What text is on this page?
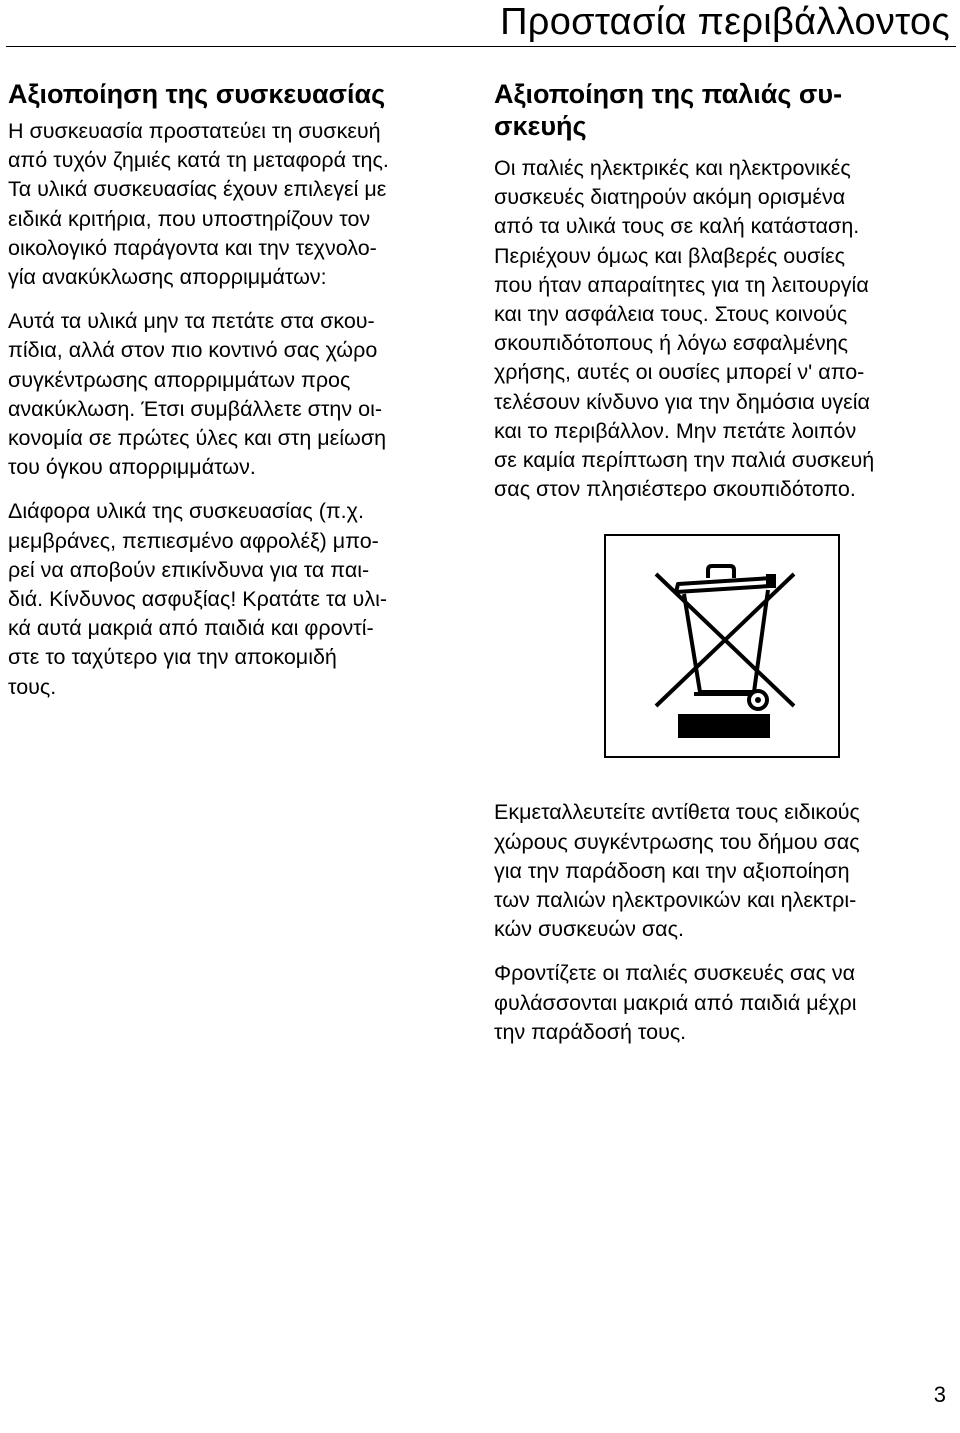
Προστασία περιβάλλοντος
Αξιοποίηση της συσκευασίας

Η συσκευασία προστατεύει τη συσκευή
από τυχόν ζημιές κατά τη μεταφορά της.
Τα υλικά συσκευασίας έχουν επιλεγεί με
ειδικά κριτήρια, που υποστηρίζουν τον
οικολογικό παράγοντα και την τεχνολο-
γία ανακύκλωσης απορριμμάτων:

Αυτά τα υλικά μην τα πετάτε στα σκου-
πίδια, αλλά στον πιο κοντινό σας χώρο
συγκέντρωσης απορριμμάτων προς
ανακύκλωση. Έτσι συμβάλλετε στην οι-
κονομία σε πρώτες ύλες και στη μείωση
του όγκου απορριμμάτων.

Διάφορα υλικά της συσκευασίας (π.χ.
μεμβράνες, πεπιεσμένο αφρολέξ) μπο-
ρεί να αποβούν επικίνδυνα για τα παι-
διά. Κίνδυνος ασφυξίας! Κρατάτε τα υλι-
κά αυτά μακριά από παιδιά και φροντί-
στε το ταχύτερο για την αποκομιδή
τους.

Αξιοποίηση της παλιάς συ-
σκευής

Οι παλιές ηλεκτρικές και ηλεκτρονικές
συσκευές διατηρούν ακόμη ορισμένα
από τα υλικά τους σε καλή κατάσταση.
Περιέχουν όμως και βλαβερές ουσίες
που ήταν απαραίτητες για τη λειτουργία
και την ασφάλεια τους. Στους κοινούς
σκουπιδότοπους ή λόγω εσφαλμένης
χρήσης, αυτές οι ουσίες μπορεί ν' απο-
τελέσουν κίνδυνο για την δημόσια υγεία
και το περιβάλλον. Μην πετάτε λοιπόν
σε καμία περίπτωση την παλιά συσκευή
σας στον πλησιέστερο σκουπιδότοπο.

Εκμεταλλευτείτε αντίθετα τους ειδικούς
χώρους συγκέντρωσης του δήμου σας
για την παράδοση και την αξιοποίηση
των παλιών ηλεκτρονικών και ηλεκτρι-
κών συσκευών σας.

Φροντίζετε οι παλιές συσκευές σας να
φυλάσσονται μακριά από παιδιά μέχρι
την παράδοσή τους.

3
